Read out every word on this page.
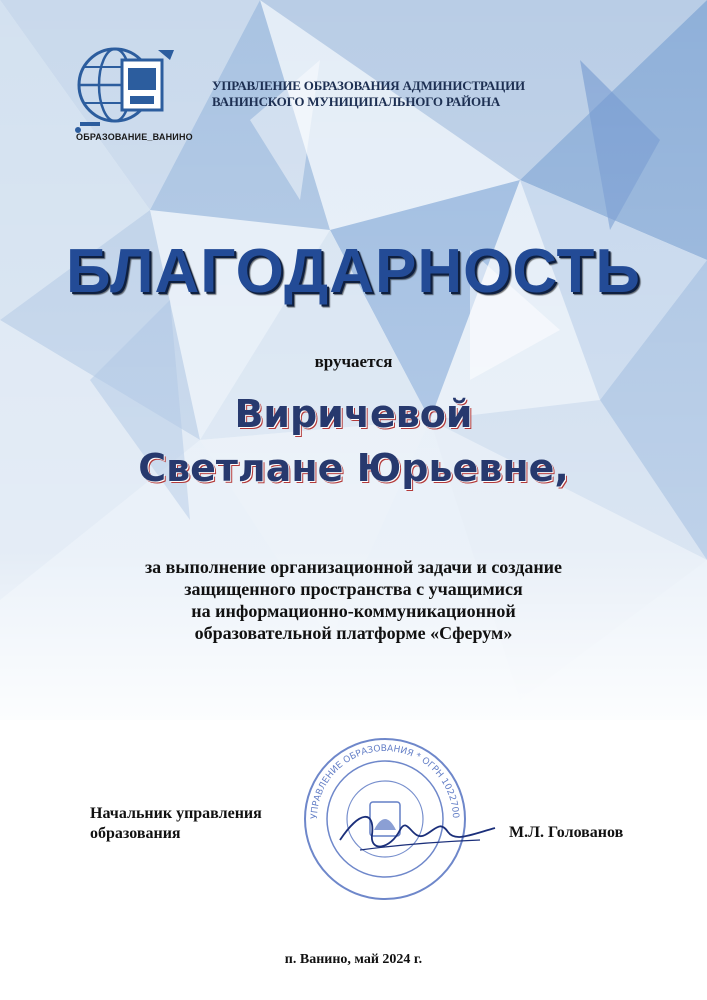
ОБРАЗОВАНИЕ_ВАНИНО
УПРАВЛЕНИЕ ОБРАЗОВАНИЯ АДМИНИСТРАЦИИ
ВАНИНСКОГО МУНИЦИПАЛЬНОГО РАЙОНА
БЛАГОДАРНОСТЬ
вручается
Виричевой
Светлане Юрьевне,
за выполнение организационной задачи и создание
защищенного пространства с учащимися
на информационно-коммуникационной
образовательной платформе «Сферум»
Начальник управления
образования
УПРАВЛЕНИЕ ОБРАЗОВАНИЯ * ОГРН 1022700
М.Л. Голованов
п. Ванино, май 2024 г.
